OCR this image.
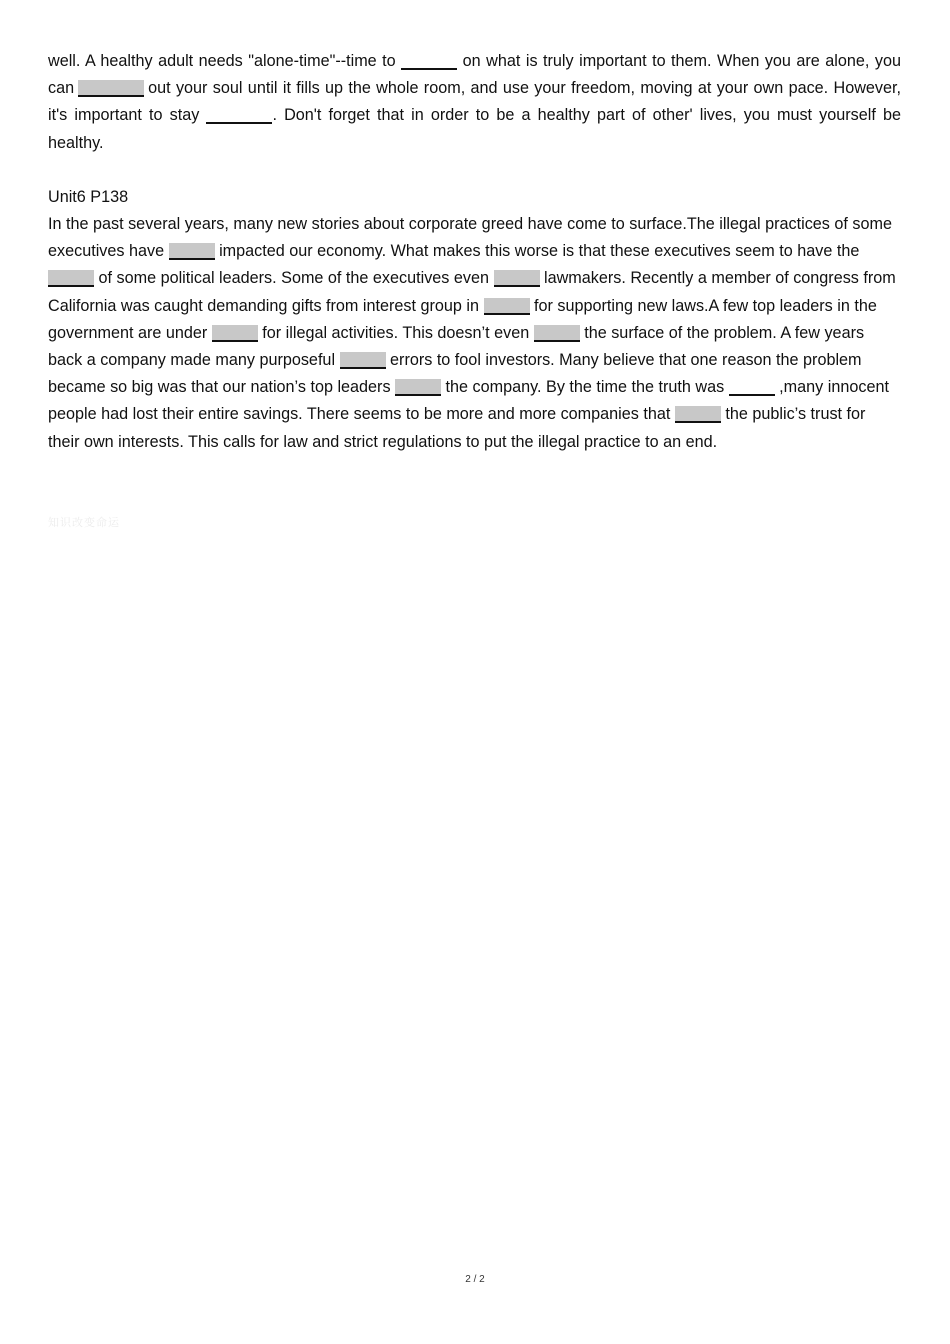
well. A healthy adult needs "alone-time"--time to	on what is truly important to them. When you are alone, you can	out your soul until it fills up the whole room, and use your freedom, moving at your own pace. However, it's important to stay	. Don't forget that in order to be a healthy part of other' lives, you must yourself be healthy.

Unit6 P138

In the past several years, many new stories about corporate greed have come to surface.The illegal practices of some executives have	impacted our economy. What makes this worse is that these executives seem to have the  of some political leaders. Some of the executives even	lawmakers. Recently a member of congress from California was caught demanding gifts from interest group in	for supporting new laws.A few top leaders in the government are under	for illegal activities. This doesn’t even	the surface of the problem. A few years back a company made many purposeful	errors to fool investors. Many believe that one reason the problem became so big was that our nation’s top leaders	the company. By the time the truth was	,many innocent people had lost their entire savings. There seems to be more and more companies that	the public’s trust for their own interests. This calls for law and strict regulations to put the illegal practice to an end.

知识改变命运
2 / 2
